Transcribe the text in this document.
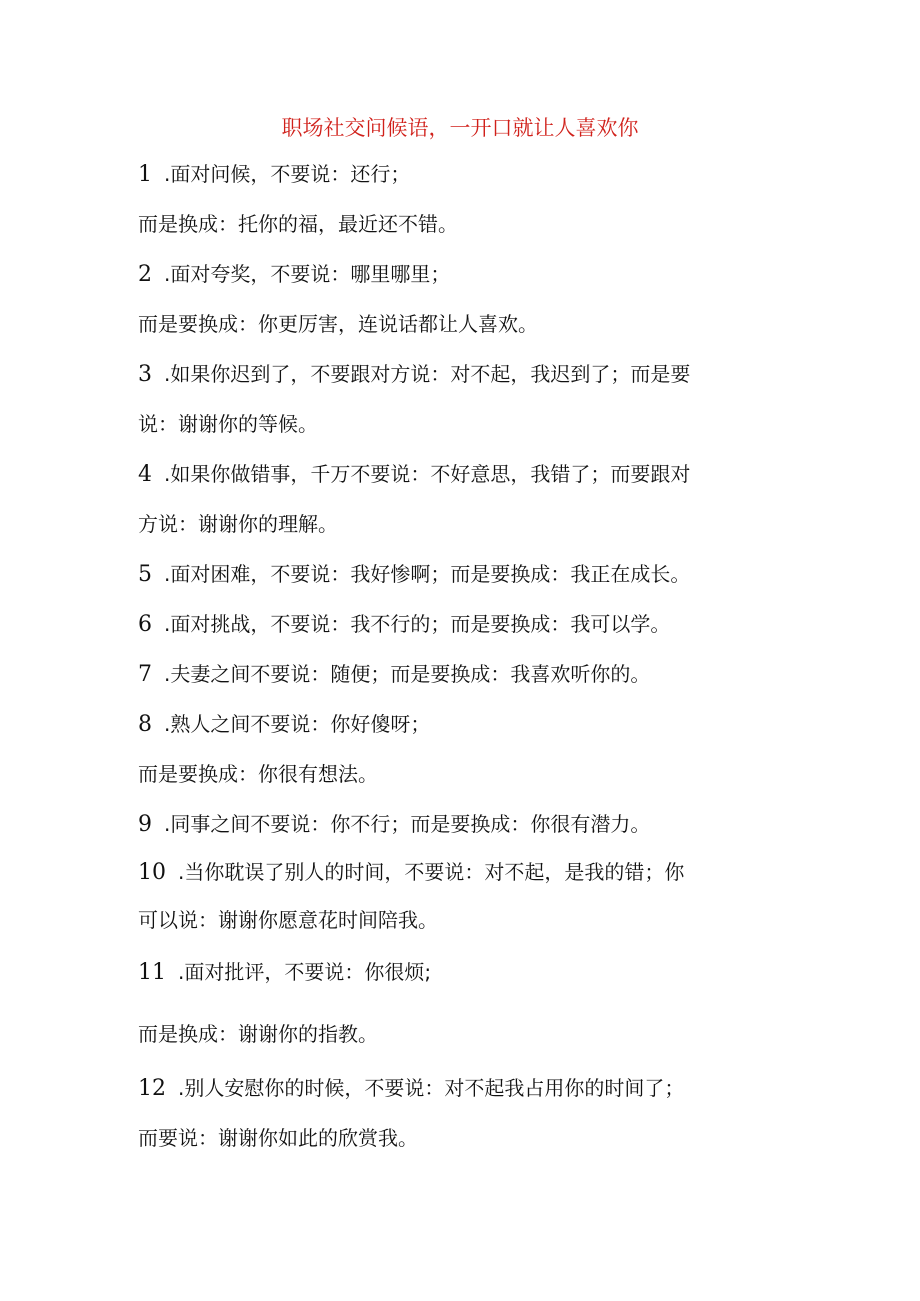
职场社交问候语，一开口就让人喜欢你
1 .面对问候，不要说：还行；
而是换成：托你的福，最近还不错。
2 .面对夸奖，不要说：哪里哪里；
而是要换成：你更厉害，连说话都让人喜欢。
3 .如果你迟到了，不要跟对方说：对不起，我迟到了；而是要
说：谢谢你的等候。
4 .如果你做错事，千万不要说：不好意思，我错了；而要跟对
方说：谢谢你的理解。
5 .面对困难，不要说：我好惨啊；而是要换成：我正在成长。
6 .面对挑战，不要说：我不行的；而是要换成：我可以学。
7 .夫妻之间不要说：随便；而是要换成：我喜欢听你的。
8 .熟人之间不要说：你好傻呀；
而是要换成：你很有想法。
9 .同事之间不要说：你不行；而是要换成：你很有潜力。
10 .当你耽误了别人的时间，不要说：对不起，是我的错；你
可以说：谢谢你愿意花时间陪我。
11 .面对批评，不要说：你很烦;
而是换成：谢谢你的指教。
12 .别人安慰你的时候，不要说：对不起我占用你的时间了；
而要说：谢谢你如此的欣赏我。
